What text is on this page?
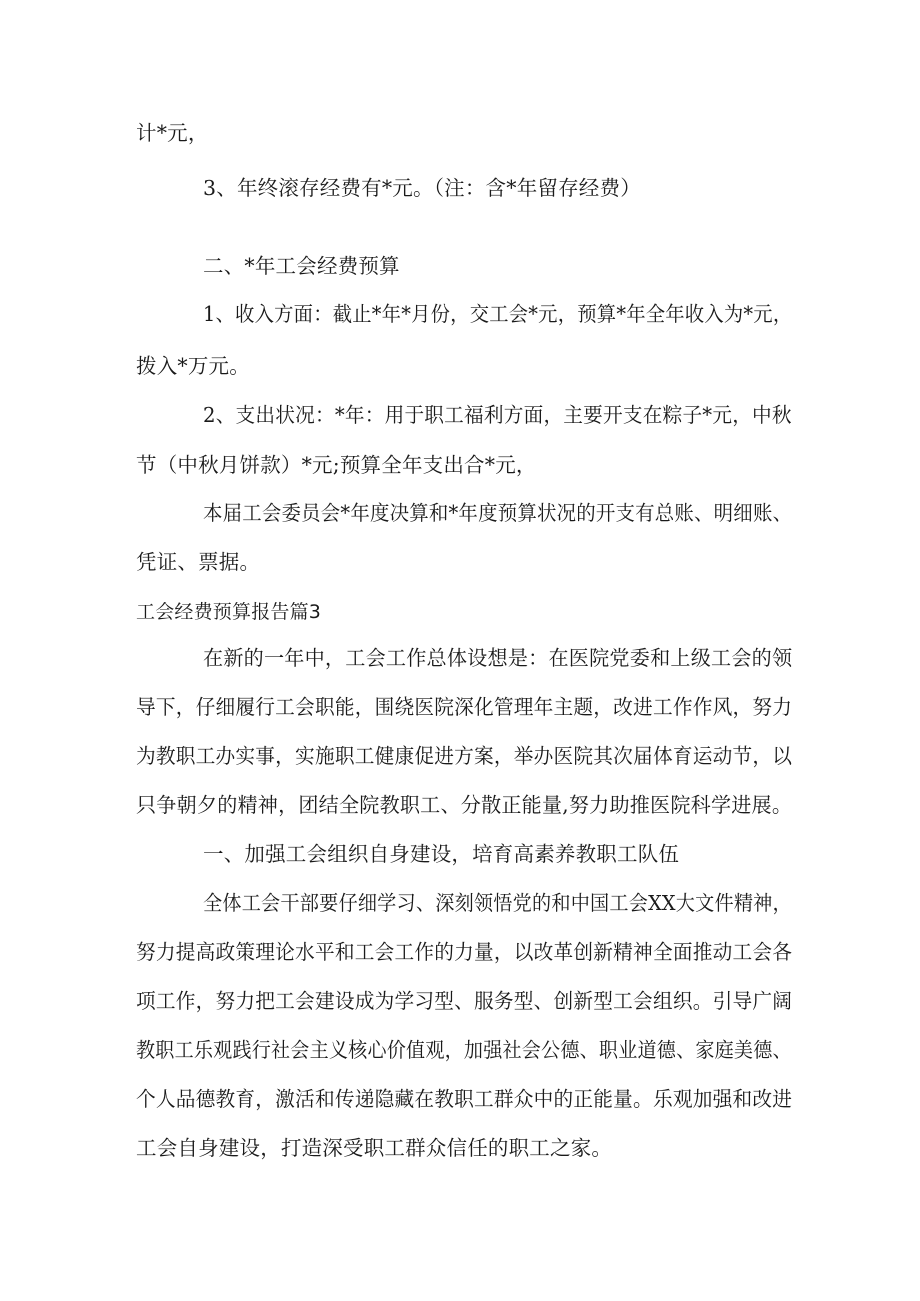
计*元，
3、年终滚存经费有*元。（注：含*年留存经费）
二、*年工会经费预算
1、收入方面：截止*年*月份，交工会*元，预算*年全年收入为*元，
拨入*万元。
2、支出状况：*年：用于职工福利方面，主要开支在粽子*元，中秋
节（中秋月饼款）*元;预算全年支出合*元，
本届工会委员会*年度决算和*年度预算状况的开支有总账、明细账、
凭证、票据。
工会经费预算报告篇3
在新的一年中，工会工作总体设想是：在医院党委和上级工会的领
导下，仔细履行工会职能，围绕医院深化管理年主题，改进工作作风，努力
为教职工办实事，实施职工健康促进方案，举办医院其次届体育运动节，以
只争朝夕的精神，团结全院教职工、分散正能量,努力助推医院科学进展。
一、加强工会组织自身建设，培育高素养教职工队伍
全体工会干部要仔细学习、深刻领悟党的和中国工会XX大文件精神，
努力提高政策理论水平和工会工作的力量，以改革创新精神全面推动工会各
项工作，努力把工会建设成为学习型、服务型、创新型工会组织。引导广阔
教职工乐观践行社会主义核心价值观，加强社会公德、职业道德、家庭美德、
个人品德教育，激活和传递隐藏在教职工群众中的正能量。乐观加强和改进
工会自身建设，打造深受职工群众信任的职工之家。
